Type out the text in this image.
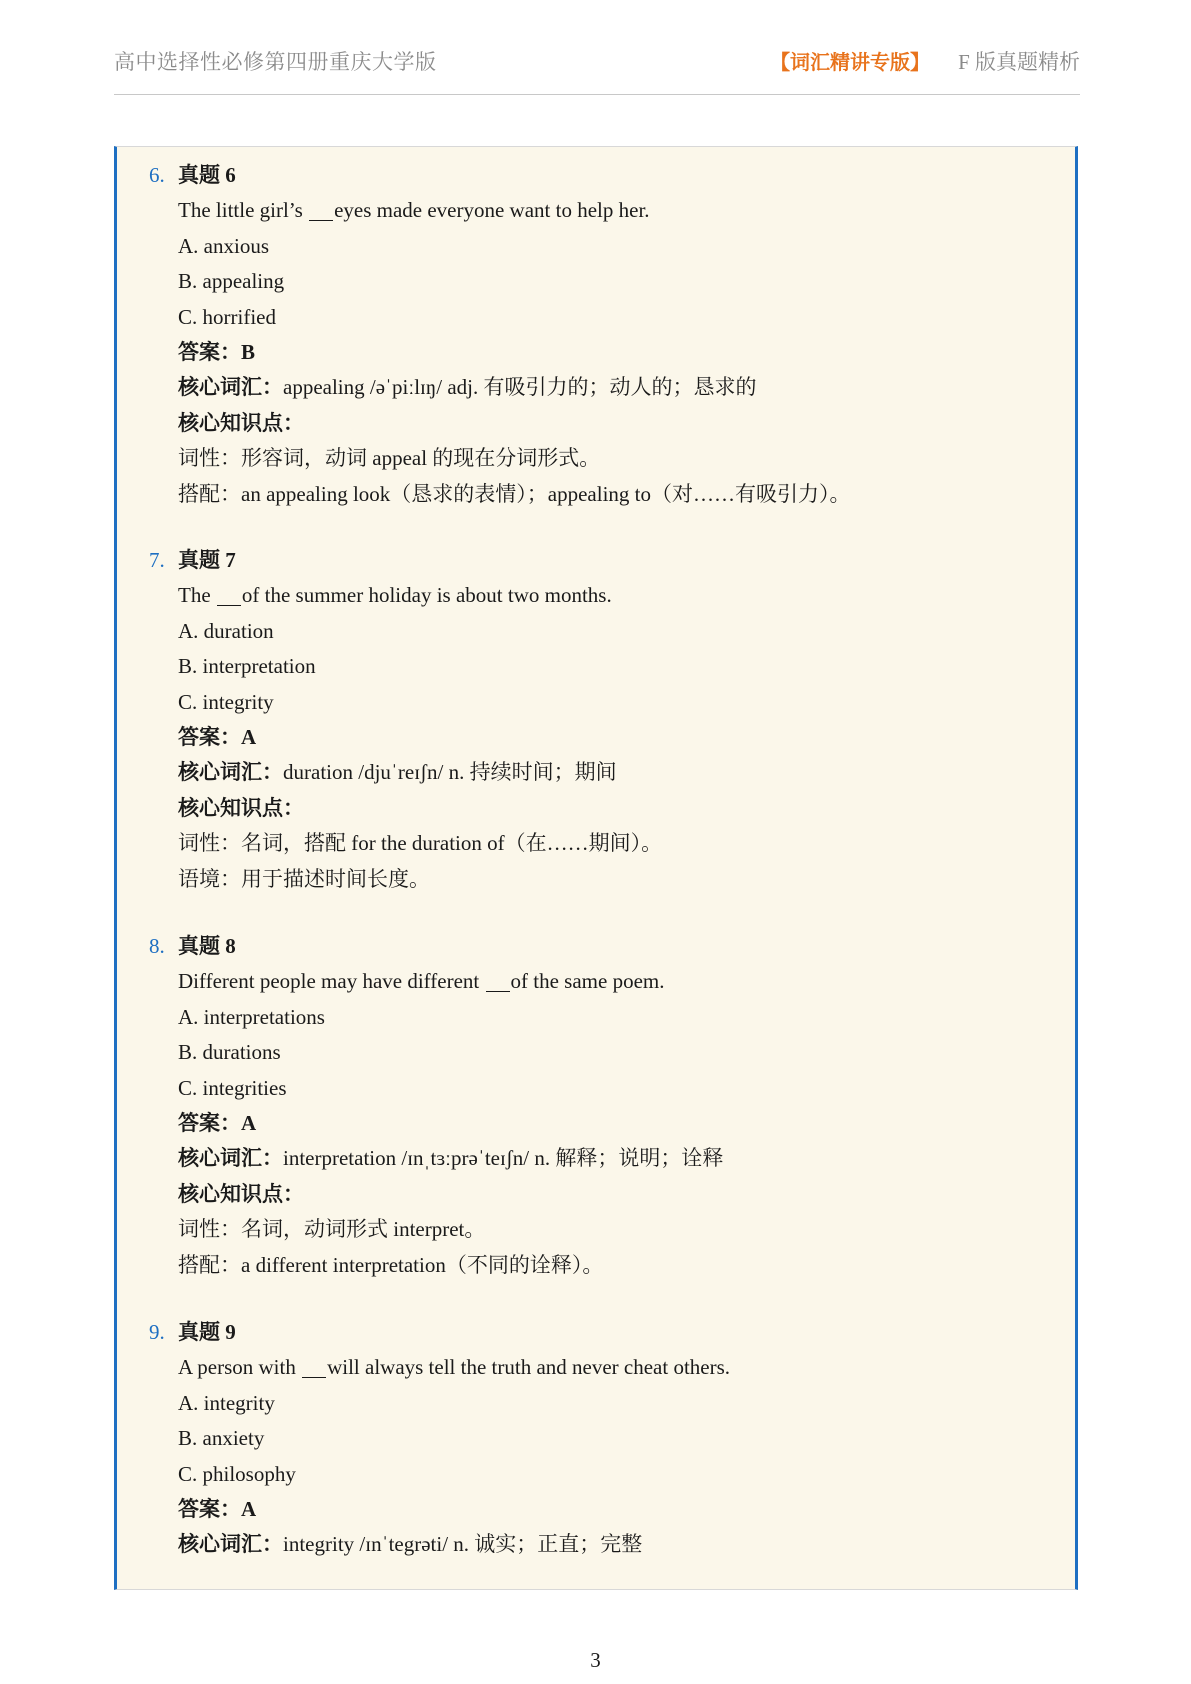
高中选择性必修第四册重庆大学版	【词汇精讲专版】 F 版真题精析
6. 真题 6
The little girl’s eyes made everyone want to help her.
A. anxious
B. appealing
C. horrified
答案：B
核心词汇：appealing /əˈpiːlɪŋ/ adj. 有吸引力的；动人的；恳求的
核心知识点：
词性：形容词，动词 appeal 的现在分词形式。
搭配：an appealing look（恳求的表情）；appealing to（对……有吸引力）。
7. 真题 7
The of the summer holiday is about two months.
A. duration
B. interpretation
C. integrity
答案：A
核心词汇：duration /djuˈreɪʃn/ n. 持续时间；期间
核心知识点：
词性：名词，搭配 for the duration of（在……期间）。
语境：用于描述时间长度。
8. 真题 8
Different people may have different of the same poem.
A. interpretations
B. durations
C. integrities
答案：A
核心词汇：interpretation /ɪnˌtɜːprəˈteɪʃn/ n. 解释；说明；诠释
核心知识点：
词性：名词，动词形式 interpret。
搭配：a different interpretation（不同的诠释）。
9. 真题 9
A person with will always tell the truth and never cheat others.
A. integrity
B. anxiety
C. philosophy
答案：A
核心词汇：integrity /ɪnˈtegrəti/ n. 诚实；正直；完整
3
